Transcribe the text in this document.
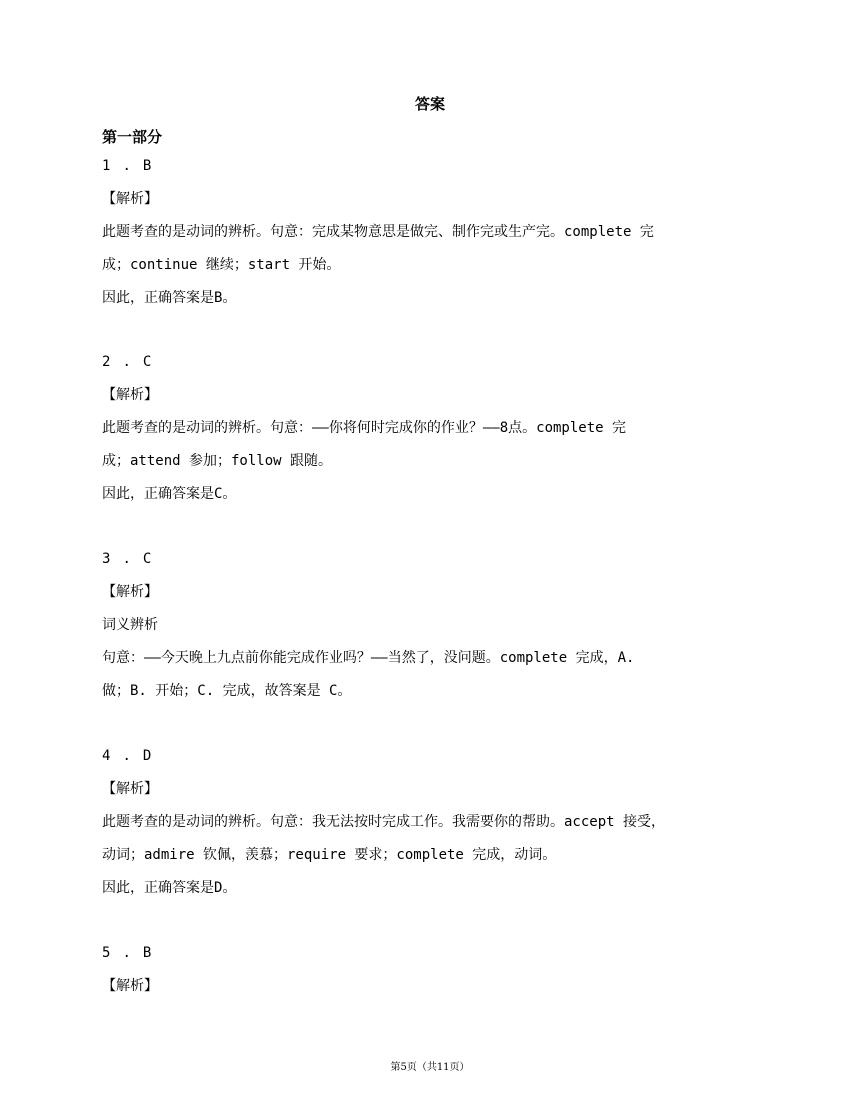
答案
第一部分
1 . B
【解析】
此题考查的是动词的辨析。句意：完成某物意思是做完、制作完或生产完。complete 完
成；continue 继续；start 开始。
因此，正确答案是B。
2 . C
【解析】
此题考查的是动词的辨析。句意：——你将何时完成你的作业？——8点。complete 完
成；attend 参加；follow 跟随。
因此，正确答案是C。
3 . C
【解析】
词义辨析
句意：——今天晚上九点前你能完成作业吗？——当然了，没问题。complete 完成，A.
做；B. 开始；C. 完成，故答案是 C。
4 . D
【解析】
此题考查的是动词的辨析。句意：我无法按时完成工作。我需要你的帮助。accept 接受，
动词；admire 钦佩，羡慕；require 要求；complete 完成，动词。
因此，正确答案是D。
5 . B
【解析】
第5页（共11页）
